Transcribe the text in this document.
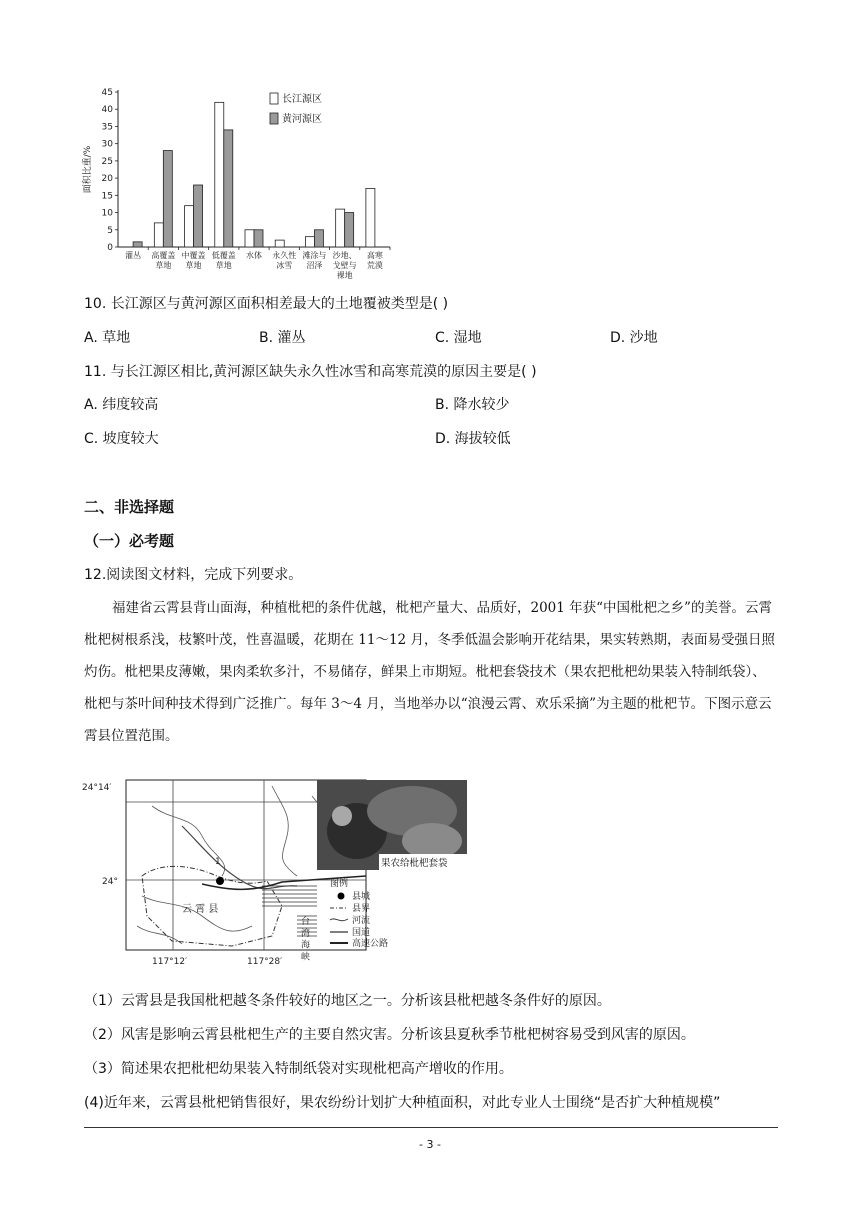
0
5
10
15
20
25
30
35
40
45
面积比重/%
灌丛 高覆盖
草地
中覆盖
草地
低覆盖
草地
水体 永久性
冰雪
滩涂与
沼泽
沙地、
戈壁与
裸地
高寒
荒漠
长江源区
黄河源区
10. 长江源区与黄河源区面积相差最大的土地覆被类型是( )
A. 草地	B. 灌丛	C. 湿地	D. 沙地
11. 与长江源区相比,黄河源区缺失永久性冰雪和高寒荒漠的原因主要是( )
A. 纬度较高	B. 降水较少
C. 坡度较大	D. 海拔较低
二、非选择题
（一）必考题
12.阅读图文材料，完成下列要求。
福建省云霄县背山面海，种植枇杷的条件优越，枇杷产量大、品质好，2001 年获“中国枇杷之乡”的美誉。云霄枇杷树根系浅，枝繁叶茂，性喜温暖，花期在 11～12 月，冬季低温会影响开花结果，果实转熟期，表面易受强日照灼伤。枇杷果皮薄嫩，果肉柔软多汁，不易储存，鲜果上市期短。枇杷套袋技术（果农把枇杷幼果装入特制纸袋）、枇杷与茶叶间种技术得到广泛推广。每年 3～4 月，当地举办以“浪漫云霄、欢乐采摘”为主题的枇杷节。下图示意云霄县位置范围。
1
云 霄 县
24°14′
24°
117°12′	117°28′
台 湾 海 峡
果农给枇杷套袋
图例
县城
县界
河流
国道
高速公路
（1）云霄县是我国枇杷越冬条件较好的地区之一。分析该县枇杷越冬条件好的原因。
（2）风害是影响云霄县枇杷生产的主要自然灾害。分析该县夏秋季节枇杷树容易受到风害的原因。
（3）简述果农把枇杷幼果装入特制纸袋对实现枇杷高产增收的作用。
(4)近年来，云霄县枇杷销售很好，果农纷纷计划扩大种植面积，对此专业人士围绕“是否扩大种植规模”
- 3 -
